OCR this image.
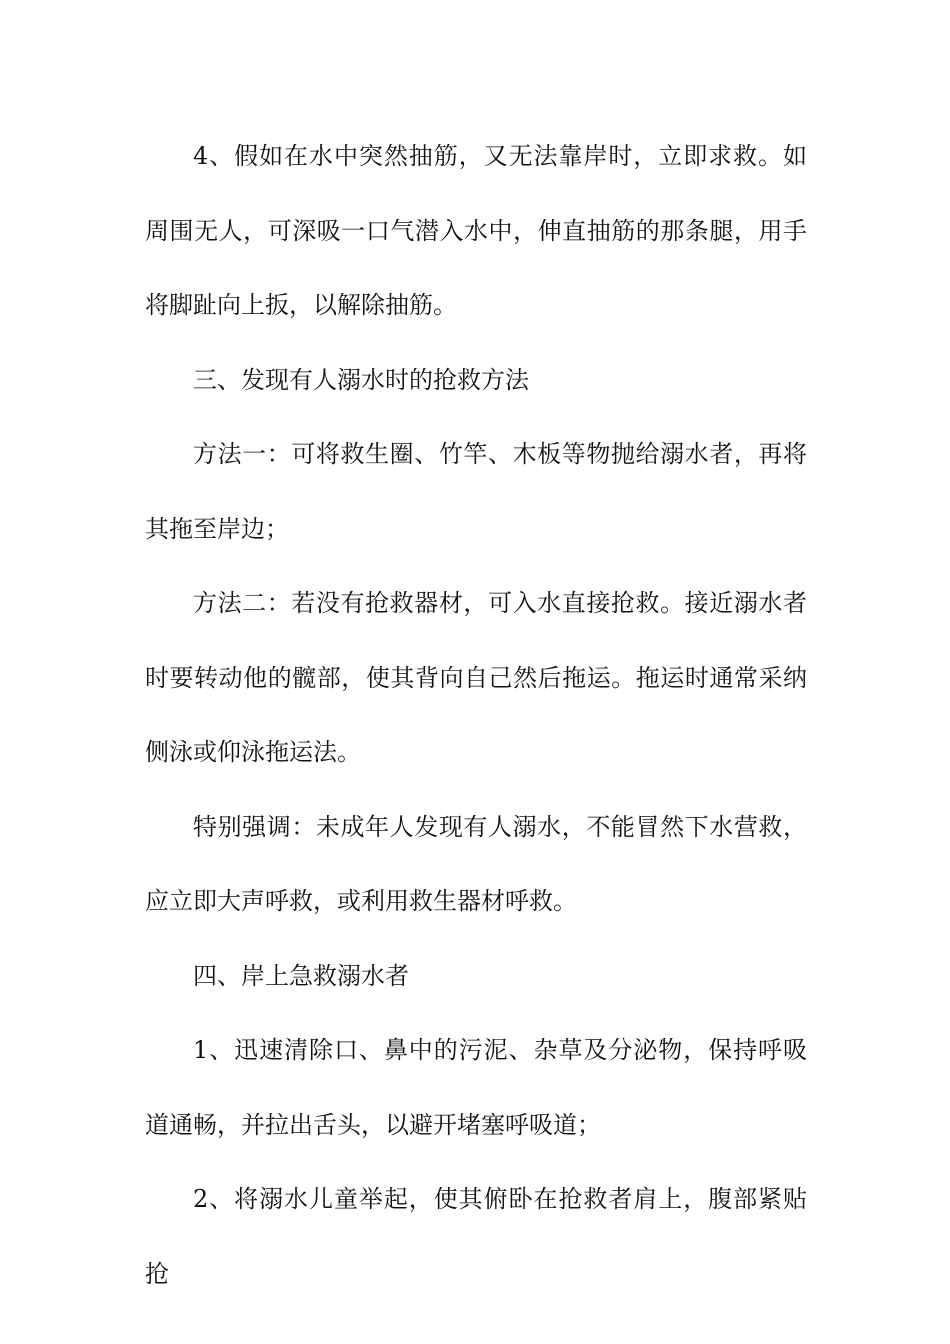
4、假如在水中突然抽筋，又无法靠岸时，立即求救。如周围无人，可深吸一口气潜入水中，伸直抽筋的那条腿，用手将脚趾向上扳，以解除抽筋。

三、发现有人溺水时的抢救方法

方法一：可将救生圈、竹竿、木板等物抛给溺水者，再将其拖至岸边；

方法二：若没有抢救器材，可入水直接抢救。接近溺水者时要转动他的髋部，使其背向自己然后拖运。拖运时通常采纳侧泳或仰泳拖运法。

特别强调：未成年人发现有人溺水，不能冒然下水营救，应立即大声呼救，或利用救生器材呼救。

四、岸上急救溺水者

1、迅速清除口、鼻中的污泥、杂草及分泌物，保持呼吸道通畅，并拉出舌头，以避开堵塞呼吸道；

2、将溺水儿童举起，使其俯卧在抢救者肩上，腹部紧贴抢
